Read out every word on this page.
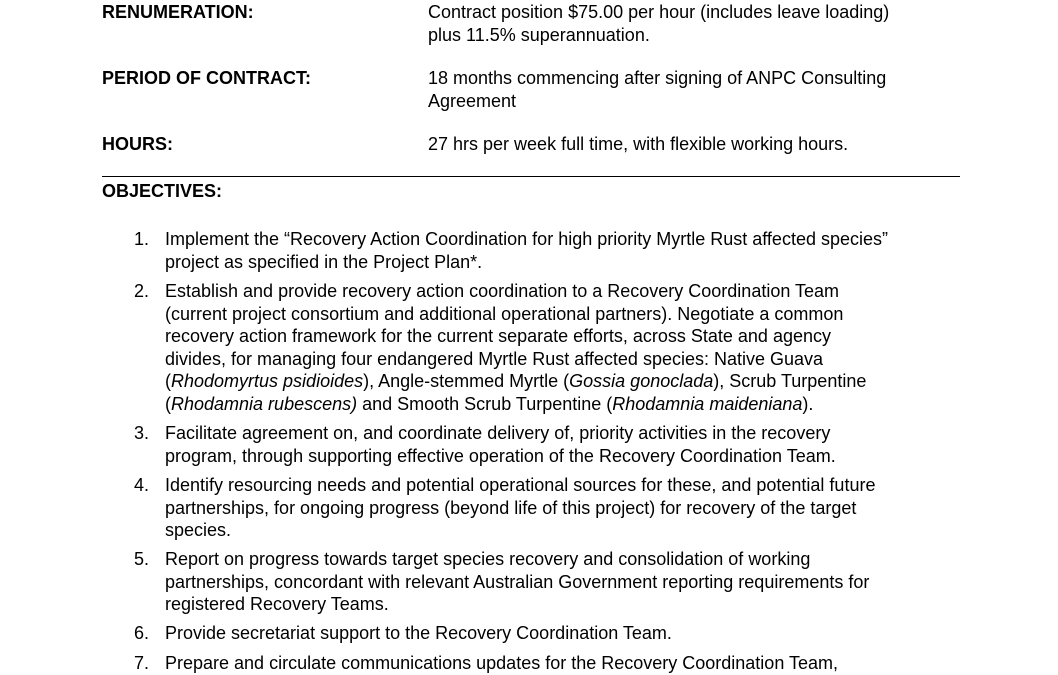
RENUMERATION:	Contract position $75.00 per hour (includes leave loading)
plus 11.5% superannuation.
PERIOD OF CONTRACT:	18 months commencing after signing of ANPC Consulting
Agreement
HOURS:	27 hrs per week full time, with flexible working hours.
OBJECTIVES:
1. Implement the “Recovery Action Coordination for high priority Myrtle Rust affected species”
project as specified in the Project Plan*.
2. Establish and provide recovery action coordination to a Recovery Coordination Team
(current project consortium and additional operational partners). Negotiate a common
recovery action framework for the current separate efforts, across State and agency
divides, for managing four endangered Myrtle Rust affected species: Native Guava
(Rhodomyrtus psidioides), Angle-stemmed Myrtle (Gossia gonoclada), Scrub Turpentine
(Rhodamnia rubescens) and Smooth Scrub Turpentine (Rhodamnia maideniana).
3. Facilitate agreement on, and coordinate delivery of, priority activities in the recovery
program, through supporting effective operation of the Recovery Coordination Team.
4. Identify resourcing needs and potential operational sources for these, and potential future
partnerships, for ongoing progress (beyond life of this project) for recovery of the target
species.
5. Report on progress towards target species recovery and consolidation of working
partnerships, concordant with relevant Australian Government reporting requirements for
registered Recovery Teams.
6. Provide secretariat support to the Recovery Coordination Team.
7. Prepare and circulate communications updates for the Recovery Coordination Team,
